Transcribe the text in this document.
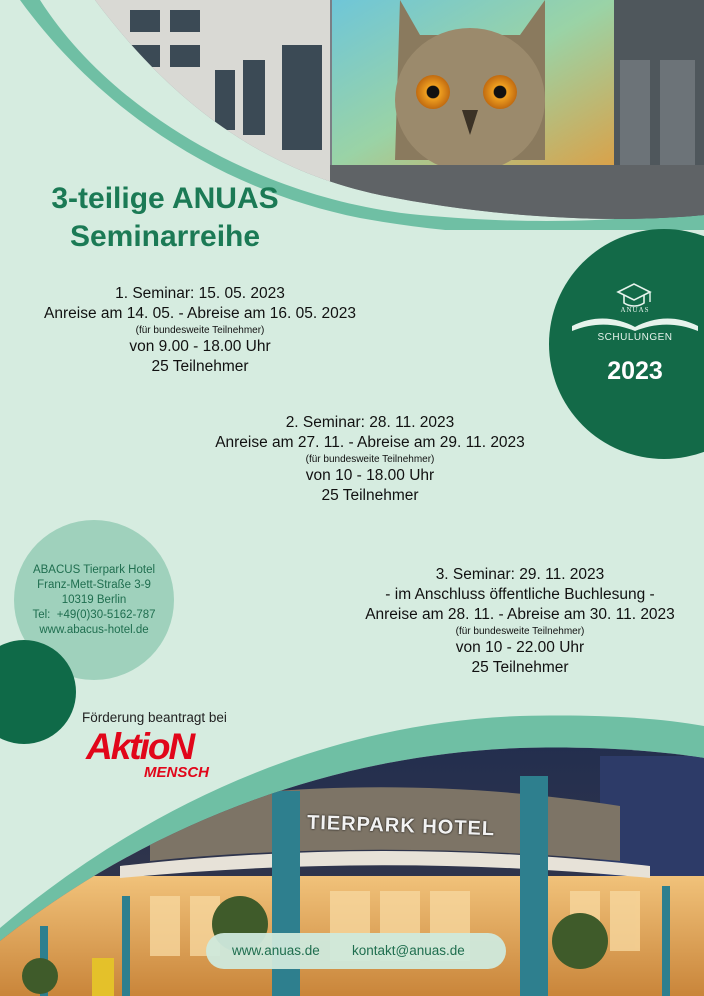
3-teilige ANUAS
Seminarreihe
1. Seminar: 15. 05. 2023
Anreise am 14. 05. - Abreise am 16. 05. 2023
(für bundesweite Teilnehmer)
von 9.00 - 18.00 Uhr
25 Teilnehmer
2. Seminar: 28. 11. 2023
Anreise am 27. 11. - Abreise am 29. 11. 2023
(für bundesweite Teilnehmer)
von 10 - 18.00 Uhr
25 Teilnehmer
3. Seminar: 29. 11. 2023
- im Anschluss öffentliche Buchlesung -
Anreise am 28. 11. - Abreise am 30. 11. 2023
(für bundesweite Teilnehmer)
von 10 - 22.00 Uhr
25 Teilnehmer
ANUAS
SCHULUNGEN
2023
ABACUS Tierpark Hotel
Franz-Mett-Straße 3-9
10319 Berlin
Tel:  +49(0)30-5162-787
www.abacus-hotel.de
Förderung beantragt bei
AktioN
MENSCH
TIERPARK HOTEL
www.anuas.de kontakt@anuas.de
